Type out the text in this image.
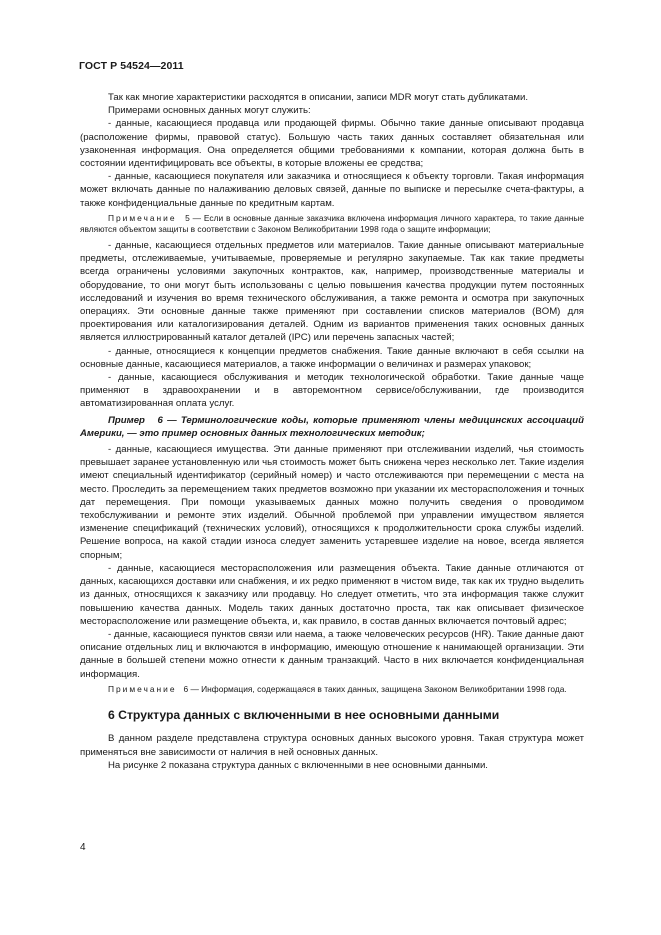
ГОСТ Р 54524—2011

Так как многие характеристики расходятся в описании, записи MDR могут стать дубликатами.

Примерами основных данных могут служить:

- данные, касающиеся продавца или продающей фирмы. Обычно такие данные описывают продавца (расположение фирмы, правовой статус). Большую часть таких данных составляет обязательная или узаконенная информация. Она определяется общими требованиями к компании, которая должна быть в состоянии идентифицировать все объекты, в которые вложены ее средства;

- данные, касающиеся покупателя или заказчика и относящиеся к объекту торговли. Такая информация может включать данные по налаживанию деловых связей, данные по выписке и пересылке счета-фактуры, а также конфиденциальные данные по кредитным картам.

Примечание 5 — Если в основные данные заказчика включена информация личного характера, то такие данные являются объектом защиты в соответствии с Законом Великобритании 1998 года о защите информации;

- данные, касающиеся отдельных предметов или материалов. Такие данные описывают материальные предметы, отслеживаемые, учитываемые, проверяемые и регулярно закупаемые. Так как такие предметы всегда ограничены условиями закупочных контрактов, как, например, производственные материалы и оборудование, то они могут быть использованы с целью повышения качества продукции путем постоянных исследований и изучения во время технического обслуживания, а также ремонта и осмотра при закупочных операциях. Эти основные данные также применяют при составлении списков материалов (BOM) для проектирования или каталогизирования деталей. Одним из вариантов применения таких основных данных является иллюстрированный каталог деталей (IPC) или перечень запасных частей;

- данные, относящиеся к концепции предметов снабжения. Такие данные включают в себя ссылки на основные данные, касающиеся материалов, а также информации о величинах и размерах упаковок;

- данные, касающиеся обслуживания и методик технологической обработки. Такие данные чаще применяют в здравоохранении и в авторемонтном сервисе/обслуживании, где производится автоматизированная оплата услуг.

Пример 6 — Терминологические коды, которые применяют члены медицинских ассоциаций Америки, — это пример основных данных технологических методик;

- данные, касающиеся имущества. Эти данные применяют при отслеживании изделий, чья стоимость превышает заранее установленную или чья стоимость может быть снижена через несколько лет. Такие изделия имеют специальный идентификатор (серийный номер) и часто отслеживаются при перемещении с места на место. Проследить за перемещением таких предметов возможно при указании их месторасположения и точных дат перемещения. При помощи указываемых данных можно получить сведения о проводимом техобслуживании и ремонте этих изделий. Обычной проблемой при управлении имуществом является изменение спецификаций (технических условий), относящихся к продолжительности срока службы изделий. Решение вопроса, на какой стадии износа следует заменить устаревшее изделие на новое, всегда является спорным;

- данные, касающиеся месторасположения или размещения объекта. Такие данные отличаются от данных, касающихся доставки или снабжения, и их редко применяют в чистом виде, так как их трудно выделить из данных, относящихся к заказчику или продавцу. Но следует отметить, что эта информация также служит повышению качества данных. Модель таких данных достаточно проста, так как описывает физическое месторасположение или размещение объекта, и, как правило, в состав данных включается почтовый адрес;

- данные, касающиеся пунктов связи или наема, а также человеческих ресурсов (HR). Такие данные дают описание отдельных лиц и включаются в информацию, имеющую отношение к нанимающей организации. Эти данные в большей степени можно отнести к данным транзакций. Часто в них включается конфиденциальная информация.

Примечание 6 — Информация, содержащаяся в таких данных, защищена Законом Великобритании 1998 года.

6 Структура данных с включенными в нее основными данными

В данном разделе представлена структура основных данных высокого уровня. Такая структура может применяться вне зависимости от наличия в ней основных данных.

На рисунке 2 показана структура данных с включенными в нее основными данными.

4
